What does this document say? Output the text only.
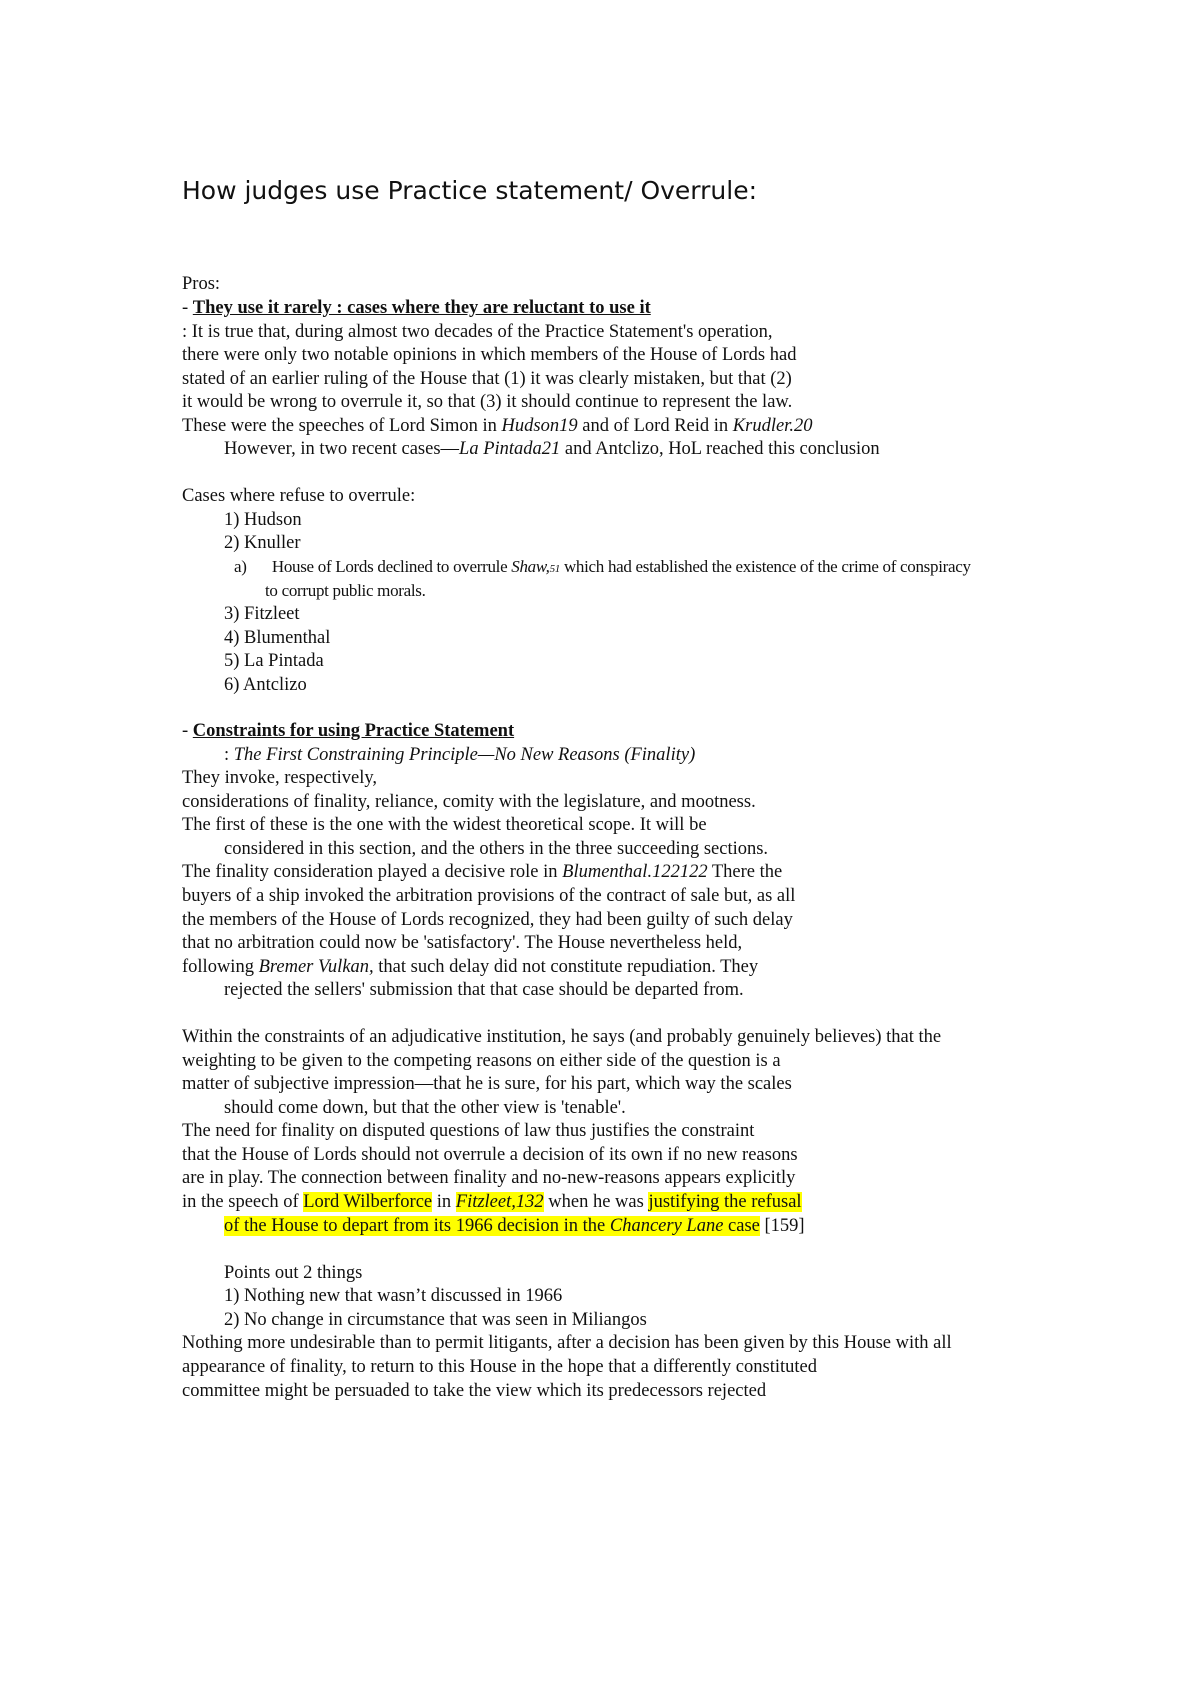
How judges use Practice statement/ Overrule:
Pros:
- They use it rarely : cases where they are reluctant to use it
: It is true that, during almost two decades of the Practice Statement's operation,
there were only two notable opinions in which members of the House of Lords had
stated of an earlier ruling of the House that (1) it was clearly mistaken, but that (2)
it would be wrong to overrule it, so that (3) it should continue to represent the law.
These were the speeches of Lord Simon in Hudson19 and of Lord Reid in Krudler.20
However, in two recent cases—La Pintada21 and Antclizo, HoL reached this conclusion
Cases where refuse to overrule:
1) Hudson
2) Knuller
a) House of Lords declined to overrule Shaw,51 which had established the existence of the crime of conspiracy
to corrupt public morals.
3) Fitzleet
4) Blumenthal
5) La Pintada
6) Antclizo
- Constraints for using Practice Statement
: The First Constraining Principle—No New Reasons (Finality)
They invoke, respectively,
considerations of finality, reliance, comity with the legislature, and mootness.
The first of these is the one with the widest theoretical scope. It will be
considered in this section, and the others in the three succeeding sections.
The finality consideration played a decisive role in Blumenthal.122122 There the
buyers of a ship invoked the arbitration provisions of the contract of sale but, as all
the members of the House of Lords recognized, they had been guilty of such delay
that no arbitration could now be 'satisfactory'. The House nevertheless held,
following Bremer Vulkan, that such delay did not constitute repudiation. They
rejected the sellers' submission that that case should be departed from.
Within the constraints of an adjudicative institution, he says (and probably genuinely believes) that the
weighting to be given to the competing reasons on either side of the question is a
matter of subjective impression—that he is sure, for his part, which way the scales
should come down, but that the other view is 'tenable'.
The need for finality on disputed questions of law thus justifies the constraint
that the House of Lords should not overrule a decision of its own if no new reasons
are in play. The connection between finality and no-new-reasons appears explicitly
in the speech of Lord Wilberforce in Fitzleet,132 when he was justifying the refusal
of the House to depart from its 1966 decision in the Chancery Lane case [159]
Points out 2 things
1) Nothing new that wasn’t discussed in 1966
2) No change in circumstance that was seen in Miliangos
Nothing more undesirable than to permit litigants, after a decision has been given by this House with all
appearance of finality, to return to this House in the hope that a differently constituted
committee might be persuaded to take the view which its predecessors rejected
